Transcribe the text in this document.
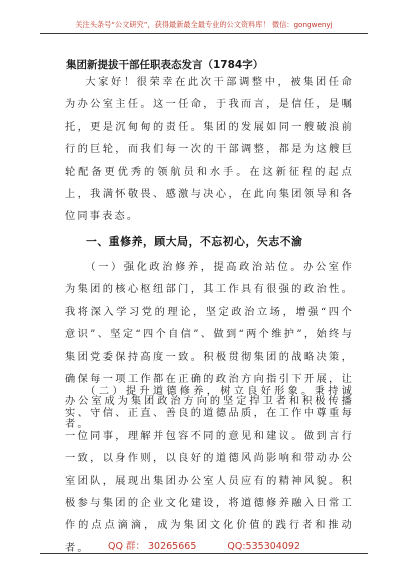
关注头条号“公文研究”，获得最新最全最专业的公文资料库！ 微信：gongwenyj
集团新提拔干部任职表态发言（1784字）

大家好！很荣幸在此次干部调整中，被集团任命为办公室主任。这一任命，于我而言，是信任，是嘱托，更是沉甸甸的责任。集团的发展如同一艘破浪前行的巨轮，而我们每一次的干部调整，都是为这艘巨轮配备更优秀的领航员和水手。在这新征程的起点上，我满怀敬畏、感激与决心，在此向集团领导和各位同事表态。

一、重修养，顾大局，不忘初心，矢志不渝

（一）强化政治修养，提高政治站位。办公室作为集团的核心枢纽部门，其工作具有很强的政治性。我将深入学习党的理论，坚定政治立场，增强“四个意识”、坚定“四个自信”、做到“两个维护”，始终与集团党委保持高度一致。积极贯彻集团的战略决策，确保每一项工作都在正确的政治方向指引下开展，让办公室成为集团政治方向的坚定捍卫者和积极传播者。

（二）提升道德修养，树立良好形象。秉持诚实、守信、正直、善良的道德品质，在工作中尊重每一位同事，理解并包容不同的意见和建议。做到言行一致，以身作则，以良好的道德风尚影响和带动办公室团队，展现出集团办公室人员应有的精神风貌。积极参与集团的企业文化建设，将道德修养融入日常工作的点点滴滴，成为集团文化价值的践行者和推动者。	QQ 群： 30265665	QQ:535304092
